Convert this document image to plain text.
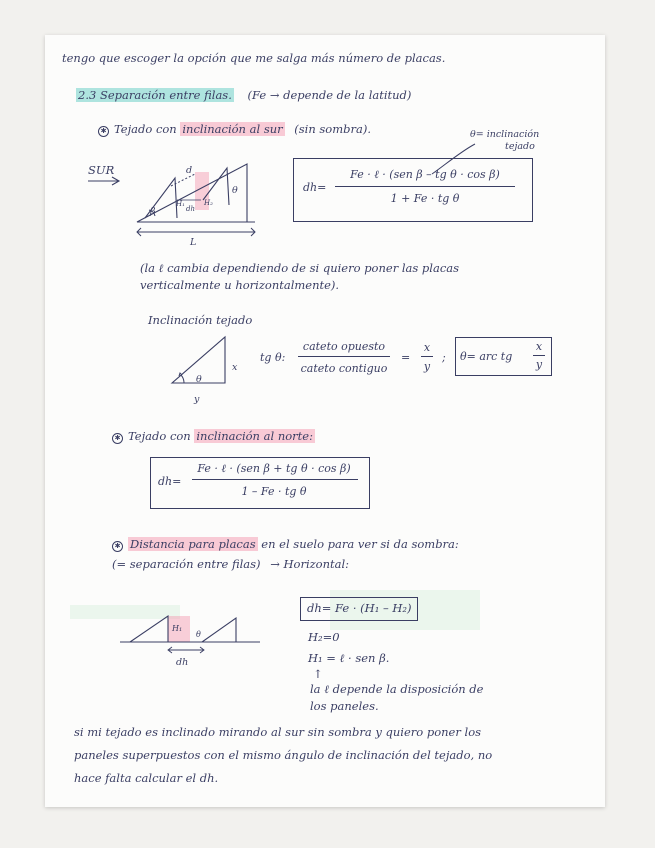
tengo que escoger la opción que me salga más número de placas.
2.3 Separación entre filas. (Fe → depende de la latitud)
✱ Tejado con inclinación al sur (sin sombra).	θ= inclinación
tejado
SUR	d
θ
β
H₁
dh
H₂
L
dh=
Fe · ℓ · (sen β – tg θ · cos β)
1 + Fe · tg θ
(la ℓ cambia dependiendo de si quiero poner las placas
verticalmente u horizontalmente).
Inclinación tejado
θ
x
y
tg θ:
cateto opuesto
cateto contiguo
=
x
y
; θ= arc tg
x
y
✱ Tejado con inclinación al norte:
dh=
Fe · ℓ · (sen β + tg θ · cos β)
1 – Fe · tg θ
✱ Distancia para placas en el suelo para ver si da sombra:
(= separación entre filas) → Horizontal:
H₁
θ
dh
dh= Fe · (H₁ – H₂)
H₂=0
H₁ = ℓ · sen β.
↑
la ℓ depende la disposición de
los paneles.
si mi tejado es inclinado mirando al sur sin sombra y quiero poner los
paneles superpuestos con el mismo ángulo de inclinación del tejado, no
hace falta calcular el dh.
